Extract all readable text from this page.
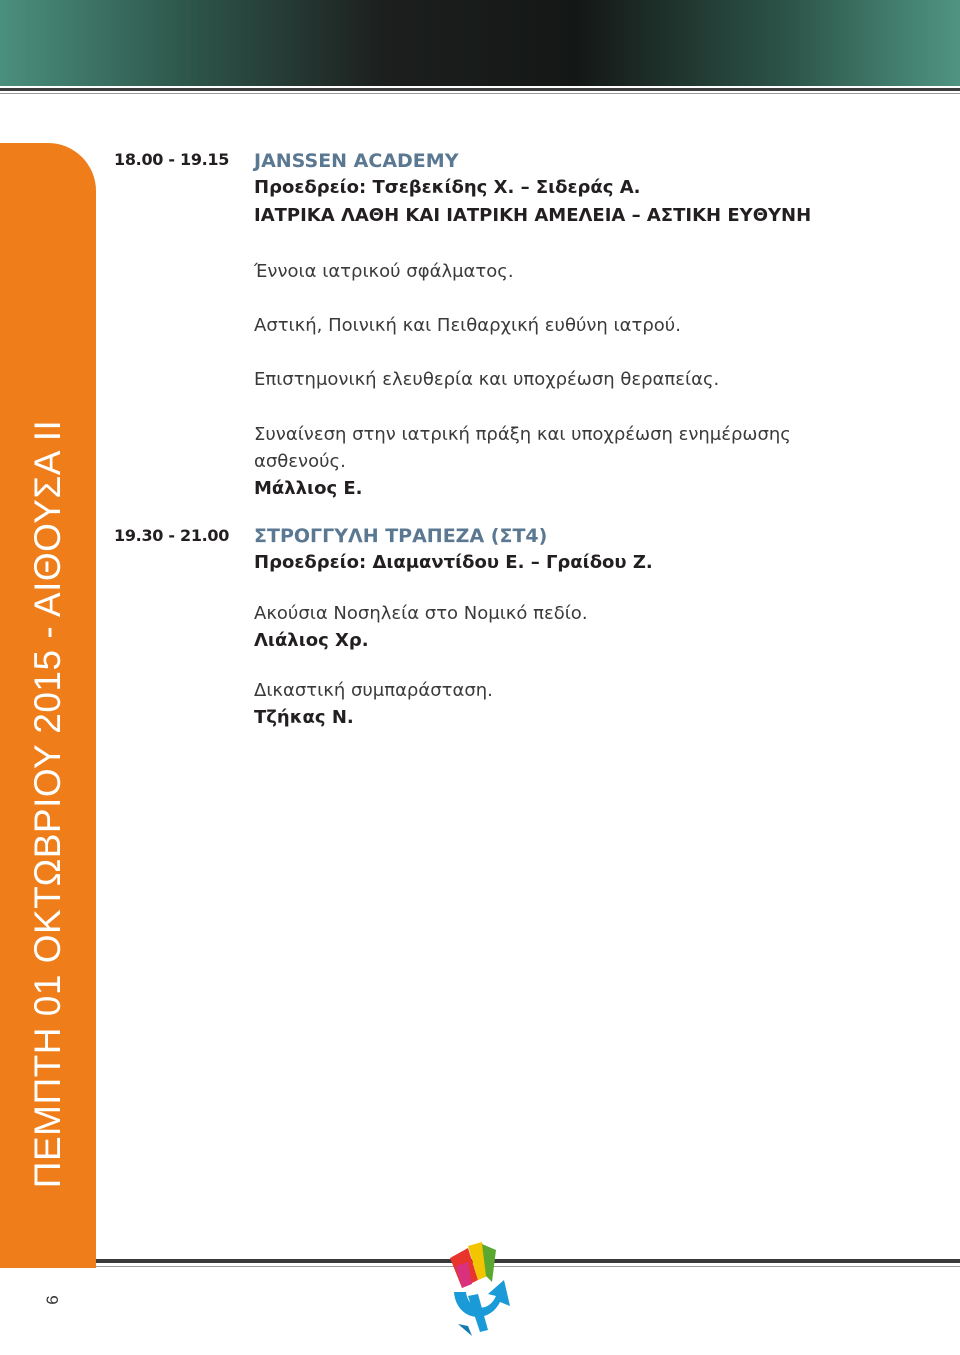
ΠΕΜΠΤΗ 01 ΟΚΤΩΒΡΙΟΥ 2015 - ΑΙΘΟΥΣΑ ΙΙ
6
18.00 - 19.15 JANSSEN ACADEMY
Προεδρείο: Τσεβεκίδης Χ. – Σιδεράς Α.
ΙΑΤΡΙΚΑ ΛΑΘΗ ΚΑΙ ΙΑΤΡΙΚΗ ΑΜΕΛΕΙΑ – ΑΣΤΙΚΗ ΕΥΘΥΝΗ
Έννοια ιατρικού σφάλματος.
Αστική, Ποινική και Πειθαρχική ευθύνη ιατρού.
Επιστημονική ελευθερία και υποχρέωση θεραπείας.
Συναίνεση στην ιατρική πράξη και υποχρέωση ενημέρωσης
ασθενούς.
Μάλλιος Ε.
19.30 - 21.00 ΣΤΡΟΓΓΥΛΗ ΤΡΑΠΕΖΑ (ΣΤ4)
Προεδρείο: Διαμαντίδου Ε. – Γραίδου Ζ.
Ακούσια Νοσηλεία στο Νομικό πεδίο.
Λιάλιος Χρ.
Δικαστική συμπαράσταση.
Τζήκας Ν.
